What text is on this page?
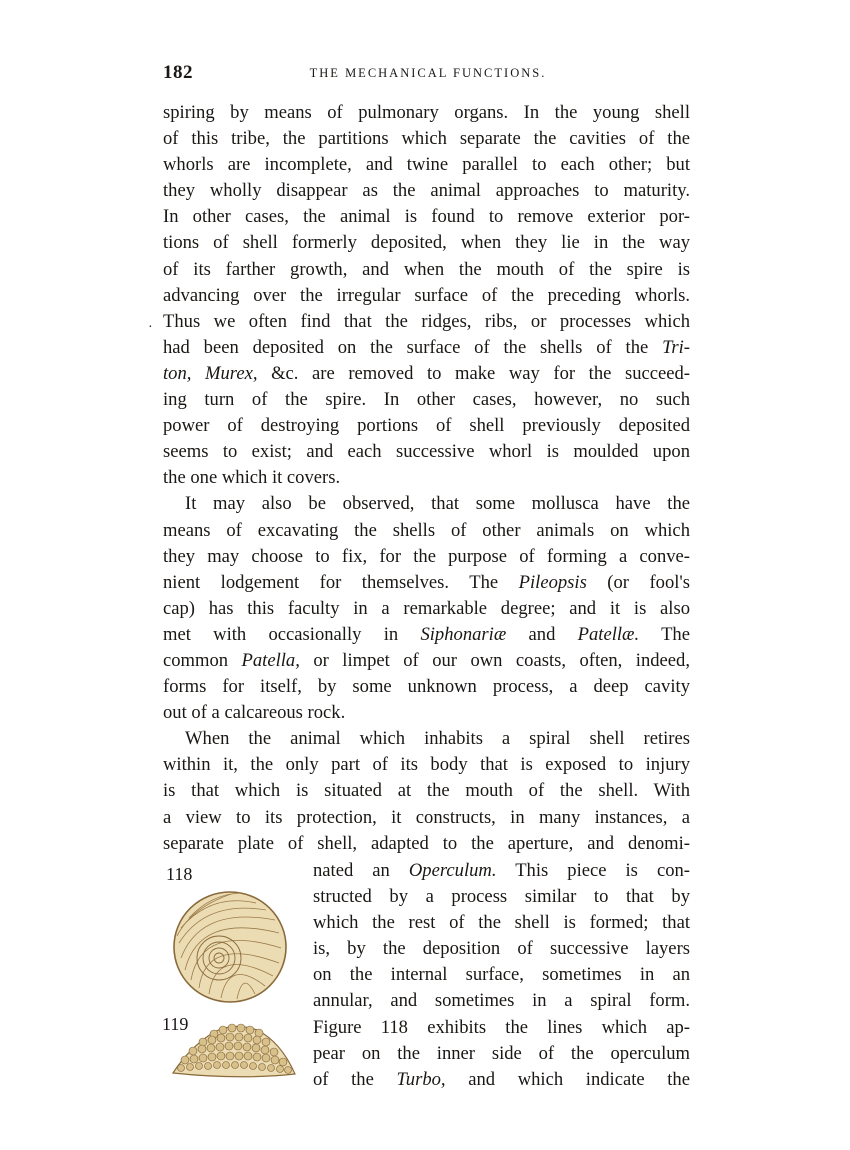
182	THE MECHANICAL FUNCTIONS.
·

spiring by means of pulmonary organs. In the young shell
of this tribe, the partitions which separate the cavities of the
whorls are incomplete, and twine parallel to each other; but
they wholly disappear as the animal approaches to maturity.
In other cases, the animal is found to remove exterior por-
tions of shell formerly deposited, when they lie in the way
of its farther growth, and when the mouth of the spire is
advancing over the irregular surface of the preceding whorls.
Thus we often find that the ridges, ribs, or processes which
had been deposited on the surface of the shells of the Tri-
ton, Murex, &c. are removed to make way for the succeed-
ing turn of the spire. In other cases, however, no such
power of destroying portions of shell previously deposited
seems to exist; and each successive whorl is moulded upon
the one which it covers.

It may also be observed, that some mollusca have the
means of excavating the shells of other animals on which
they may choose to fix, for the purpose of forming a conve-
nient lodgement for themselves. The Pileopsis (or fool's
cap) has this faculty in a remarkable degree; and it is also
met with occasionally in Siphonariæ and Patellæ. The
common Patella, or limpet of our own coasts, often, indeed,
forms for itself, by some unknown process, a deep cavity
out of a calcareous rock.

When the animal which inhabits a spiral shell retires
within it, the only part of its body that is exposed to injury
is that which is situated at the mouth of the shell. With
a view to its protection, it constructs, in many instances, a
separate plate of shell, adapted to the aperture, and denomi-

118
119
nated an Operculum. This piece is con-
structed by a process similar to that by
which the rest of the shell is formed; that
is, by the deposition of successive layers
on the internal surface, sometimes in an
annular, and sometimes in a spiral form.
Figure 118 exhibits the lines which ap-
pear on the inner side of the operculum
of the Turbo, and which indicate the
